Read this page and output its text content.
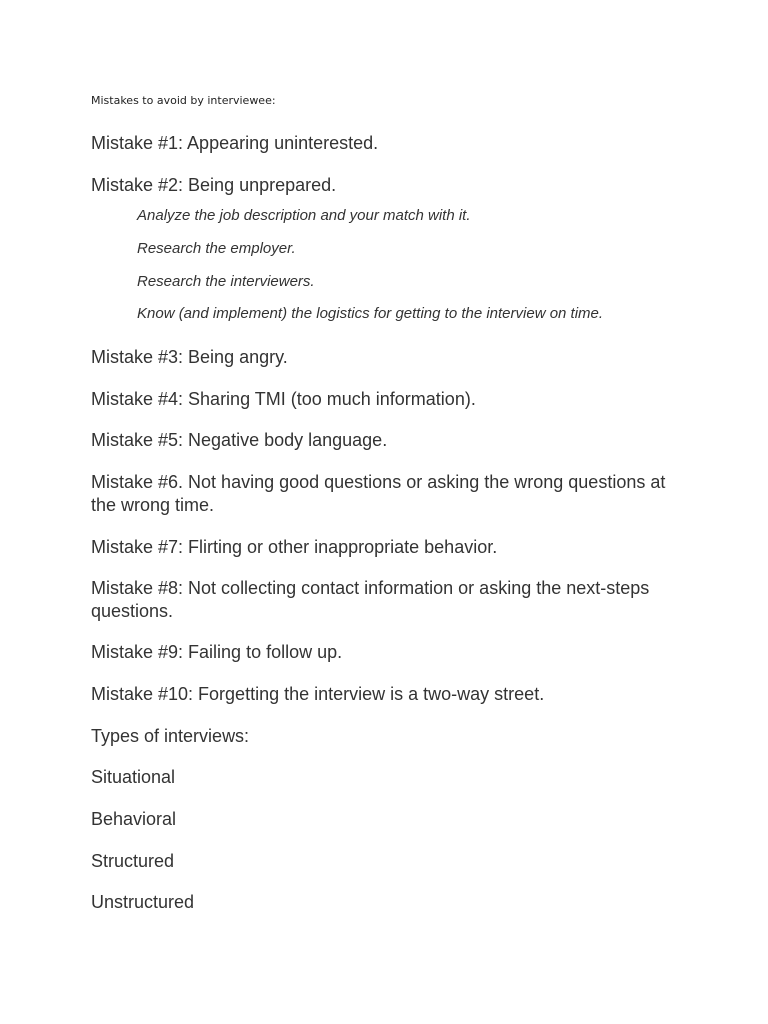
Mistakes to avoid by interviewee:
Mistake #1: Appearing uninterested.
Mistake #2: Being unprepared.
Analyze the job description and your match with it.
Research the employer.
Research the interviewers.
Know (and implement) the logistics for getting to the interview on time.
Mistake #3: Being angry.
Mistake #4: Sharing TMI (too much information).
Mistake #5: Negative body language.
Mistake #6. Not having good questions or asking the wrong questions at the wrong time.
Mistake #7: Flirting or other inappropriate behavior.
Mistake #8: Not collecting contact information or asking the next-steps questions.
Mistake #9: Failing to follow up.
Mistake #10: Forgetting the interview is a two-way street.
Types of interviews:
Situational
Behavioral
Structured
Unstructured
